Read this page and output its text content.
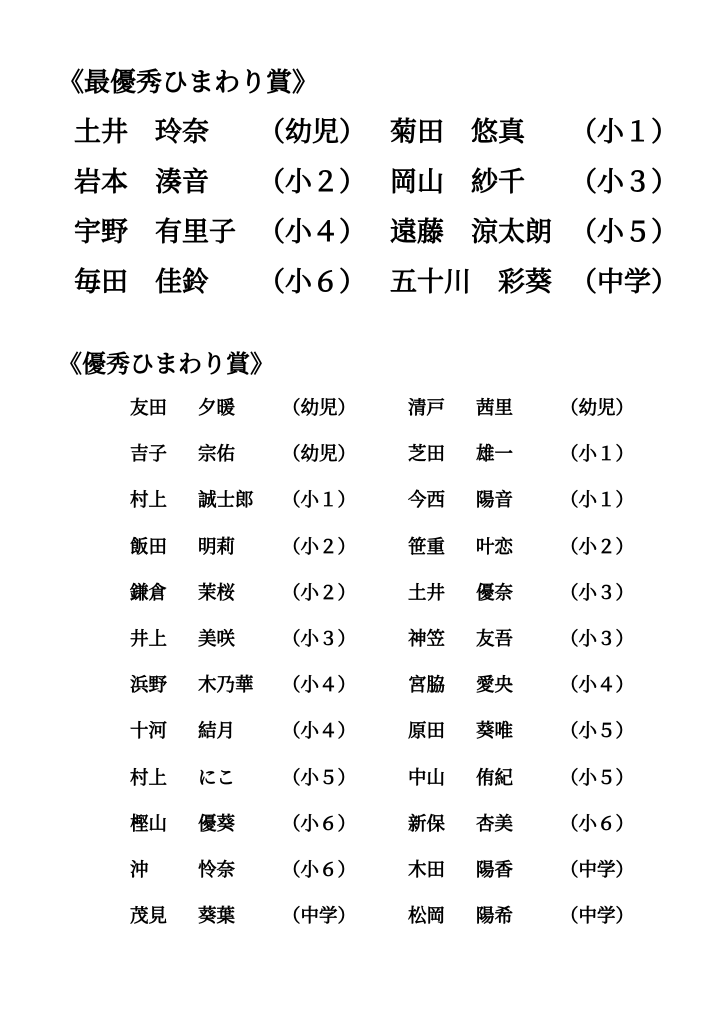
《最優秀ひまわり賞》
土井　玲奈 （幼児） 菊田　悠真 （小１）
岩本　湊音 （小２） 岡山　紗千 （小３）
宇野　有里子 （小４） 遠藤　涼太朗 （小５）
毎田　佳鈴 （小６） 五十川　彩葵 （中学）
《優秀ひまわり賞》
友田 夕暖	（幼児）	清戸 茜里	（幼児）
吉子 宗佑	（幼児）	芝田 雄一	（小１）
村上 誠士郎 （小１）	今西 陽音	（小１）
飯田 明莉	（小２）	笹重 叶恋	（小２）
鎌倉 茉桜	（小２）	土井 優奈	（小３）
井上 美咲	（小３）	神笠 友吾	（小３）
浜野 木乃華 （小４）	宮脇 愛央	（小４）
十河 結月	（小４）	原田 葵唯	（小５）
村上 にこ	（小５）	中山 侑紀	（小５）
樫山 優葵	（小６）	新保 杏美	（小６）
沖	怜奈	（小６）	木田 陽香	（中学）
茂見 葵葉	（中学）	松岡 陽希	（中学）
